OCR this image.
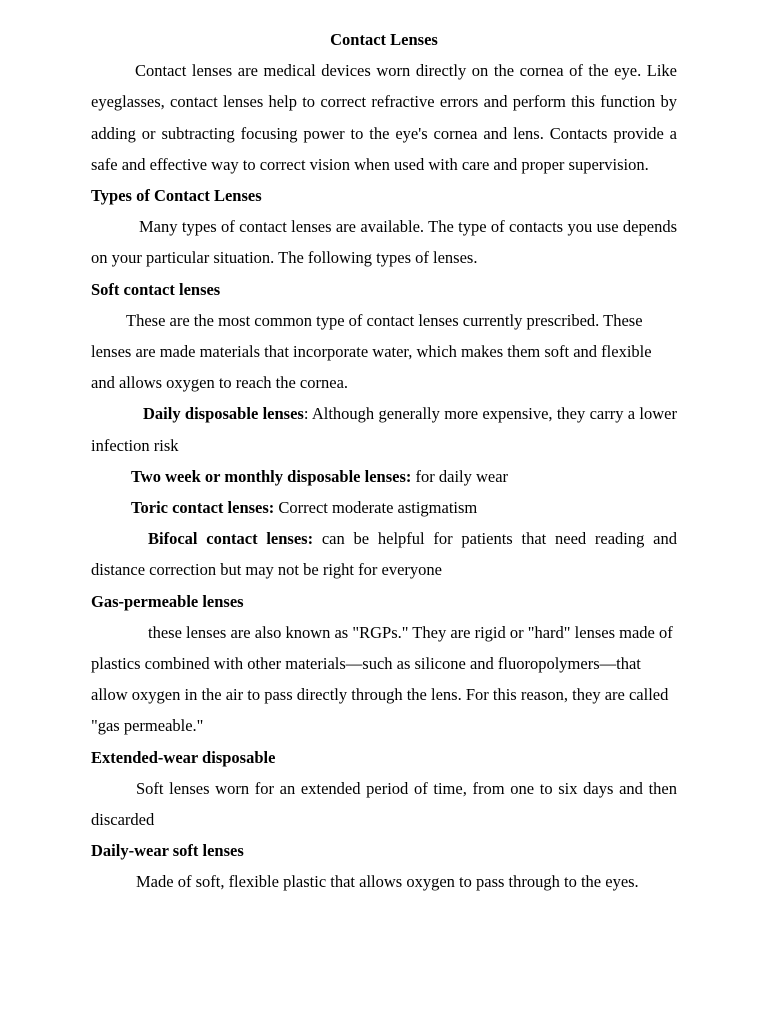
Contact Lenses

Contact lenses are medical devices worn directly on the cornea of the eye. Like eyeglasses, contact lenses help to correct refractive errors and perform this function by adding or subtracting focusing power to the eye's cornea and lens. Contacts provide a safe and effective way to correct vision when used with care and proper supervision.

Types of Contact Lenses

Many types of contact lenses are available. The type of contacts you use depends on your particular situation. The following types of lenses.

Soft contact lenses

These are the most common type of contact lenses currently prescribed. These lenses are made materials that incorporate water, which makes them soft and flexible and allows oxygen to reach the cornea.

Daily disposable lenses: Although generally more expensive, they carry a lower infection risk

Two week or monthly disposable lenses: for daily wear

Toric contact lenses: Correct moderate astigmatism

Bifocal contact lenses: can be helpful for patients that need reading and distance correction but may not be right for everyone

Gas-permeable lenses

these lenses are also known as "RGPs." They are rigid or "hard" lenses made of plastics combined with other materials—such as silicone and fluoropolymers—that allow oxygen in the air to pass directly through the lens. For this reason, they are called "gas permeable."

Extended-wear disposable

Soft lenses worn for an extended period of time, from one to six days and then discarded

Daily-wear soft lenses

Made of soft, flexible plastic that allows oxygen to pass through to the eyes.
